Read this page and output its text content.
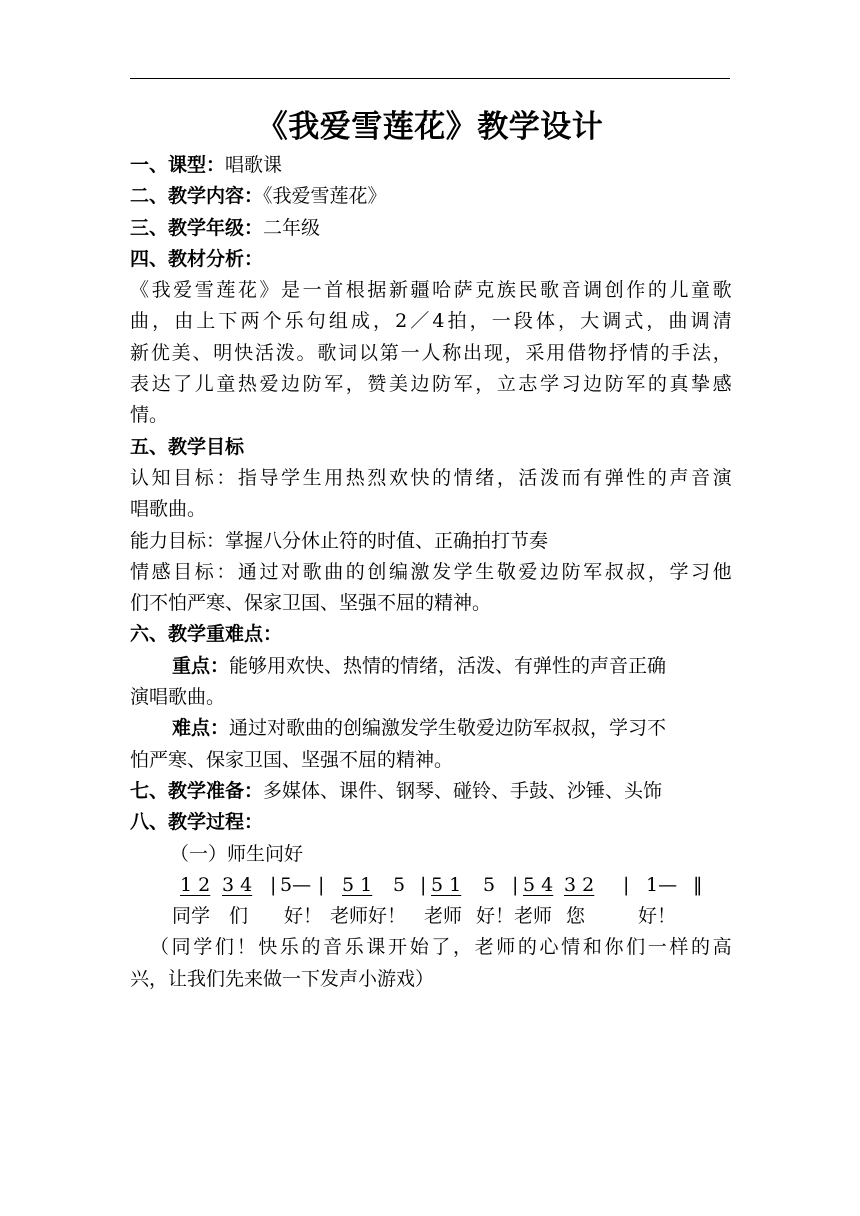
《我爱雪莲花》教学设计
一、课型：唱歌课
二、教学内容：《我爱雪莲花》
三、教学年级：二年级
四、教材分析：
《 我 爱 雪 莲 花 》 是 一 首 根 据 新 疆 哈 萨 克 族 民 歌 音 调 创 作 的 儿 童 歌
曲 ， 由 上 下 两 个 乐 句 组 成 ， 2 ／ 4 拍 ， 一 段 体 ， 大 调 式 ， 曲 调 清
新 优 美 、 明 快 活 泼 。 歌 词 以 第 一 人 称 出 现 ， 采 用 借 物 抒 情 的 手 法 ，
表 达 了 儿 童 热 爱 边 防 军 ， 赞 美 边 防 军 ， 立 志 学 习 边 防 军 的 真 挚 感
情。
五、教学目标
认 知 目 标 ： 指 导 学 生 用 热 烈 欢 快 的 情 绪 ， 活 泼 而 有 弹 性 的 声 音 演
唱歌曲。
能力目标：掌握八分休止符的时值、正确拍打节奏
情 感 目 标 ： 通 过 对 歌 曲 的 创 编 激 发 学 生 敬 爱 边 防 军 叔 叔 ， 学 习 他
们不怕严寒、保家卫国、坚强不屈的精神。
六、教学重难点：
重点：能够用欢快、热情的情绪，活泼、有弹性的声音正确
演唱歌曲。
难点：通过对歌曲的创编激发学生敬爱边防军叔叔，学习不
怕严寒、保家卫国、坚强不屈的精神。
七、教学准备：多媒体、课件、钢琴、碰铃、手鼓、沙锤、头饰
八、教学过程：
（一）师生问好
1 2 3 4 | 5— | 5 1 5 | 5 1 5 | 5 4 3 2 | 1— ‖
同学 们 好！ 老师好！ 老师 好！ 老师 您	好！
（ 同 学 们 ！ 快 乐 的 音 乐 课 开 始 了 ， 老 师 的 心 情 和 你 们 一 样 的 高
兴，让我们先来做一下发声小游戏）
